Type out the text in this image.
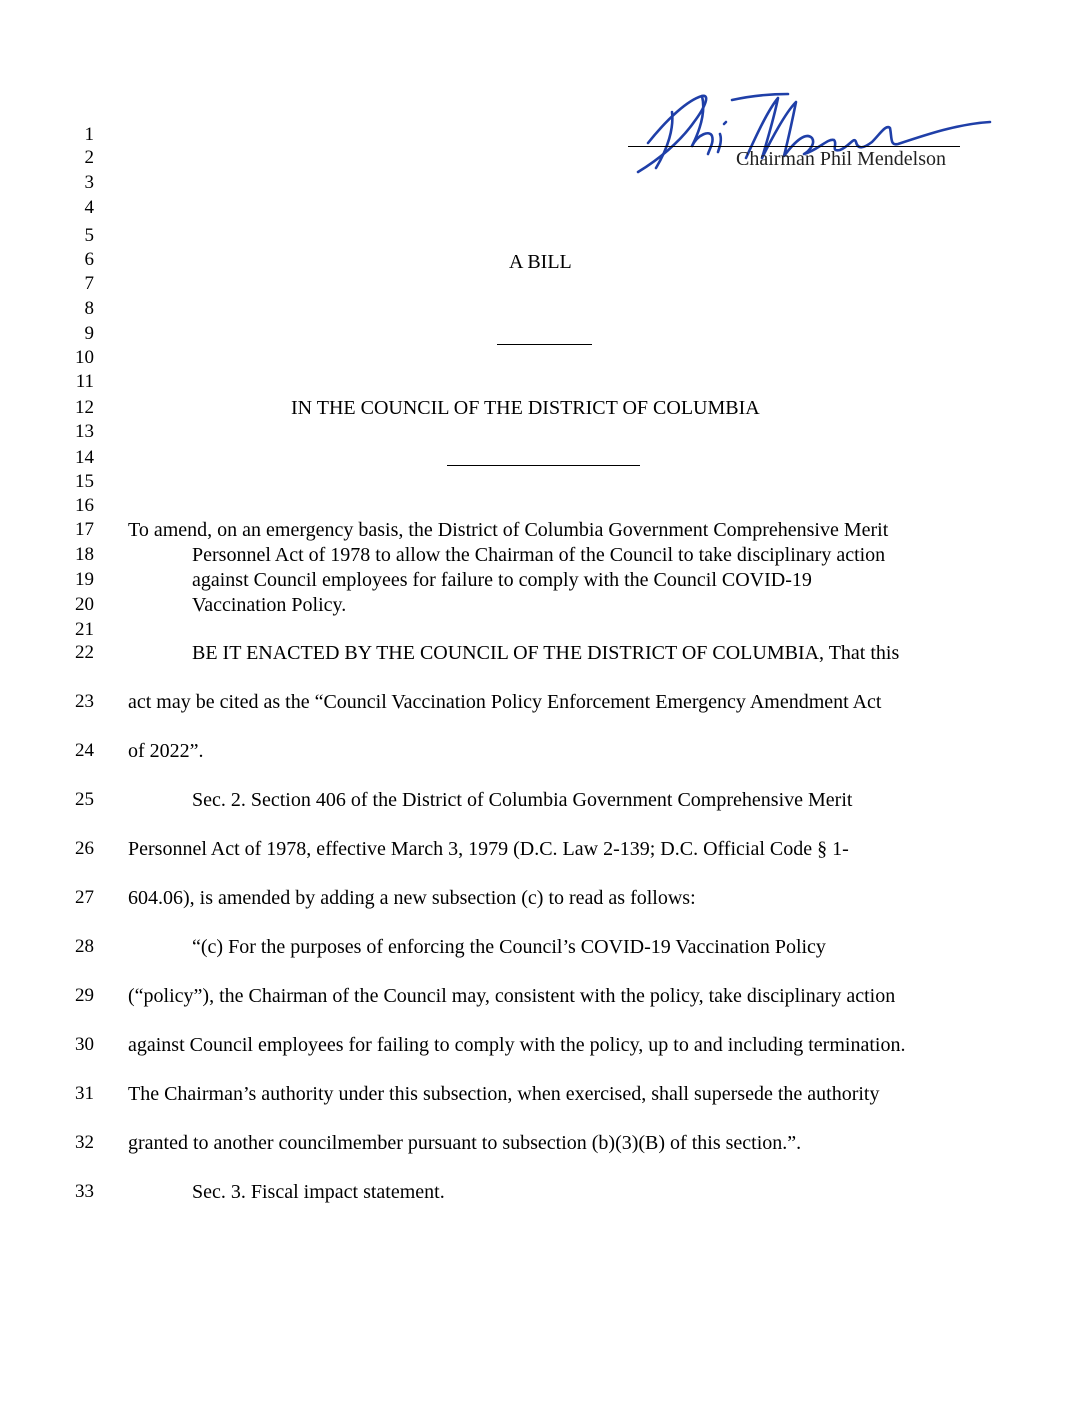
Chairman Phil Mendelson
1
2
3
4
5
6
7
8
9
10
11
12
13
14
15
16
17
18
19
20
21
22
23
24
25
26
27
28
29
30
31
32
33
A BILL
IN THE COUNCIL OF THE DISTRICT OF COLUMBIA
To amend, on an emergency basis, the District of Columbia Government Comprehensive Merit
Personnel Act of 1978 to allow the Chairman of the Council to take disciplinary action
against Council employees for failure to comply with the Council COVID-19
Vaccination Policy.
BE IT ENACTED BY THE COUNCIL OF THE DISTRICT OF COLUMBIA, That this
act may be cited as the “Council Vaccination Policy Enforcement Emergency Amendment Act
of 2022”.
Sec. 2. Section 406 of the District of Columbia Government Comprehensive Merit
Personnel Act of 1978, effective March 3, 1979 (D.C. Law 2-139; D.C. Official Code § 1-
604.06), is amended by adding a new subsection (c) to read as follows:
“(c) For the purposes of enforcing the Council’s COVID-19 Vaccination Policy
(“policy”), the Chairman of the Council may, consistent with the policy, take disciplinary action
against Council employees for failing to comply with the policy, up to and including termination.
The Chairman’s authority under this subsection, when exercised, shall supersede the authority
granted to another councilmember pursuant to subsection (b)(3)(B) of this section.”.
Sec. 3. Fiscal impact statement.
